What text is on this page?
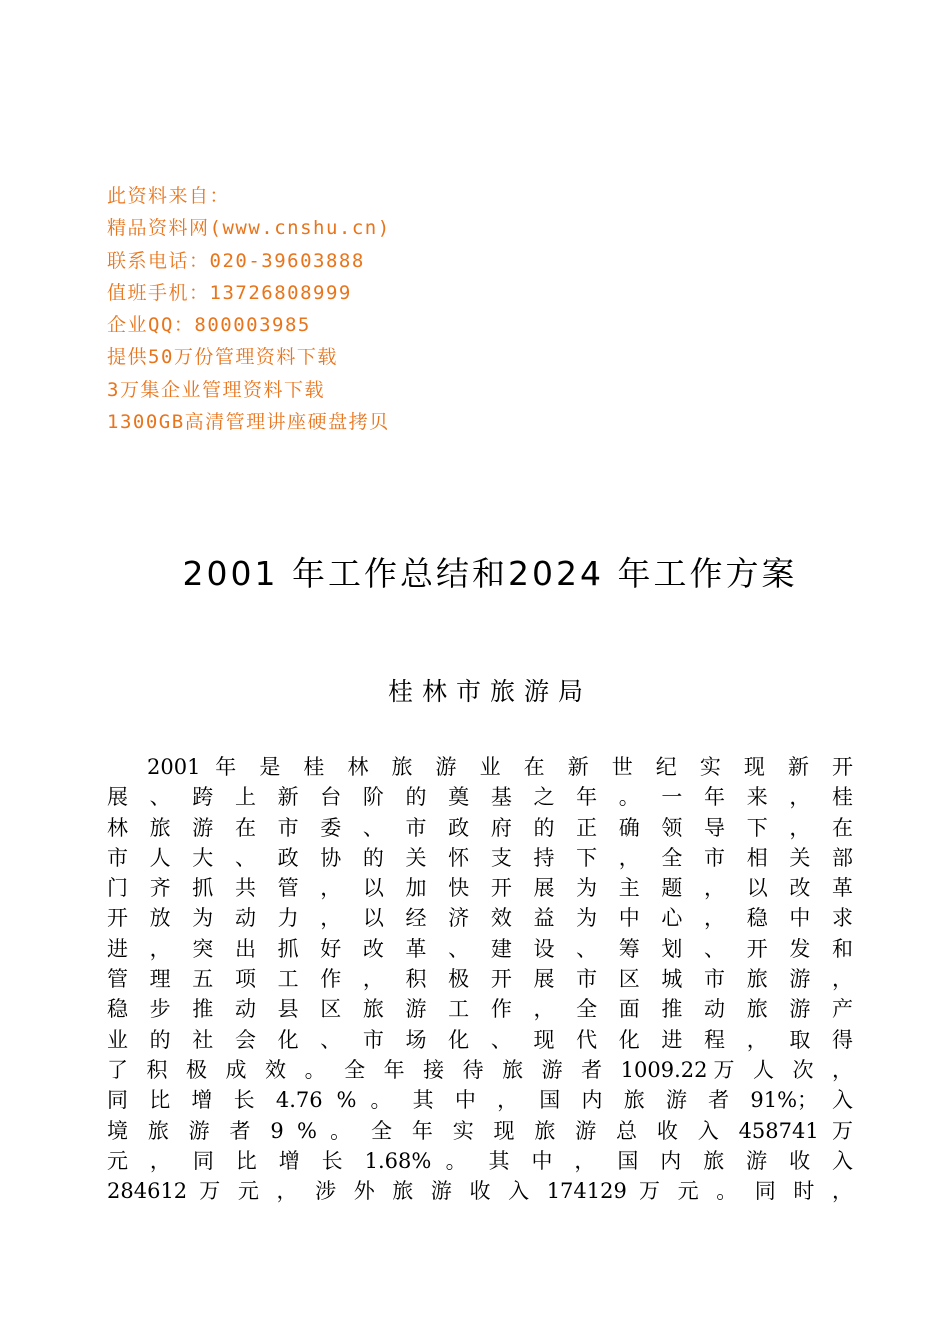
此资料来自：
精品资料网(www.cnshu.cn)
联系电话：020-39603888
值班手机：13726808999
企业QQ：800003985
提供50万份管理资料下载
3万集企业管理资料下载
1300GB高清管理讲座硬盘拷贝
2001 年工作总结和2024 年工作方案
桂林市旅游局
2001 年 是 桂 林 旅 游 业 在 新 世 纪 实 现 新 开
展 、 跨 上 新 台 阶 的 奠 基 之 年 。 一 年 来 ， 桂
林 旅 游 在 市 委 、 市 政 府 的 正 确 领 导 下 ， 在
市 人 大 、 政 协 的 关 怀 支 持 下 ， 全 市 相 关 部
门 齐 抓 共 管 ， 以 加 快 开 展 为 主 题 ， 以 改 革
开 放 为 动 力 ， 以 经 济 效 益 为 中 心 ， 稳 中 求
进 ， 突 出 抓 好 改 革 、 建 设 、 筹 划 、 开 发 和
管 理 五 项 工 作 ， 积 极 开 展 市 区 城 市 旅 游 ，
稳 步 推 动 县 区 旅 游 工 作 ， 全 面 推 动 旅 游 产
业 的 社 会 化 、 市 场 化 、 现 代 化 进 程 ， 取 得
了 积 极 成 效 。 全 年 接 待 旅 游 者 1009.22万 人 次 ，
同 比 增 长 4.76 % 。 其 中 ， 国 内 旅 游 者 91%； 入
境 旅 游 者 9 % 。 全 年 实 现 旅 游 总 收 入 458741 万
元 ， 同 比 增 长 1.68% 。 其 中 ， 国 内 旅 游 收 入
284612 万 元 ， 涉 外 旅 游 收 入 174129 万 元 。 同 时 ，
